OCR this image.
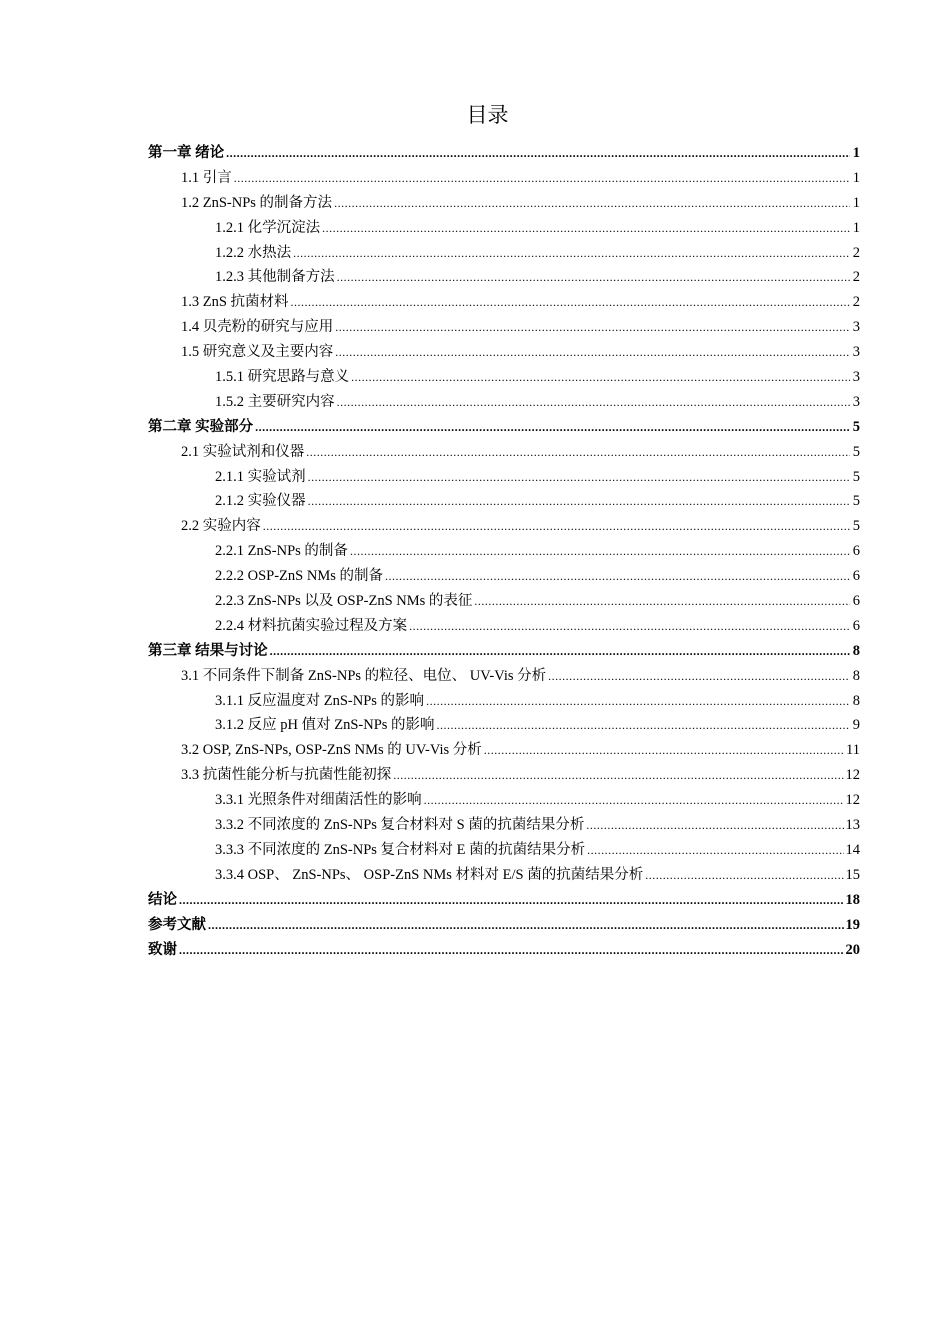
目录
第一章 绪论 .....	1
1.1 引言 .....	1
1.2 ZnS-NPs 的制备方法 .....	1
1.2.1 化学沉淀法 .....	1
1.2.2 水热法 .....	2
1.2.3 其他制备方法 .....	2
1.3 ZnS 抗菌材料 .....	2
1.4 贝壳粉的研究与应用 .....	3
1.5 研究意义及主要内容 .....	3
1.5.1 研究思路与意义 .....	3
1.5.2 主要研究内容 .....	3
第二章 实验部分 .....	5
2.1 实验试剂和仪器 .....	5
2.1.1 实验试剂 .....	5
2.1.2 实验仪器 .....	5
2.2 实验内容 .....	5
2.2.1 ZnS-NPs 的制备 .....	6
2.2.2 OSP-ZnS NMs 的制备 .....	6
2.2.3 ZnS-NPs 以及 OSP-ZnS NMs 的表征 .....	6
2.2.4 材料抗菌实验过程及方案 .....	6
第三章 结果与讨论 .....	8
3.1 不同条件下制备 ZnS-NPs 的粒径、电位、 UV-Vis 分析 .....	8
3.1.1 反应温度对 ZnS-NPs 的影响 .....	8
3.1.2 反应 pH 值对 ZnS-NPs 的影响 .....	9
3.2 OSP, ZnS-NPs, OSP-ZnS NMs 的 UV-Vis 分析 .....	11
3.3 抗菌性能分析与抗菌性能初探 .....	12
3.3.1 光照条件对细菌活性的影响 .....	12
3.3.2 不同浓度的 ZnS-NPs 复合材料对 S 菌的抗菌结果分析 .....	13
3.3.3 不同浓度的 ZnS-NPs 复合材料对 E 菌的抗菌结果分析 .....	14
3.3.4 OSP、 ZnS-NPs、 OSP-ZnS NMs 材料对 E/S 菌的抗菌结果分析 .....	15
结论 .....	18
参考文献 .....	19
致谢 .....	20
